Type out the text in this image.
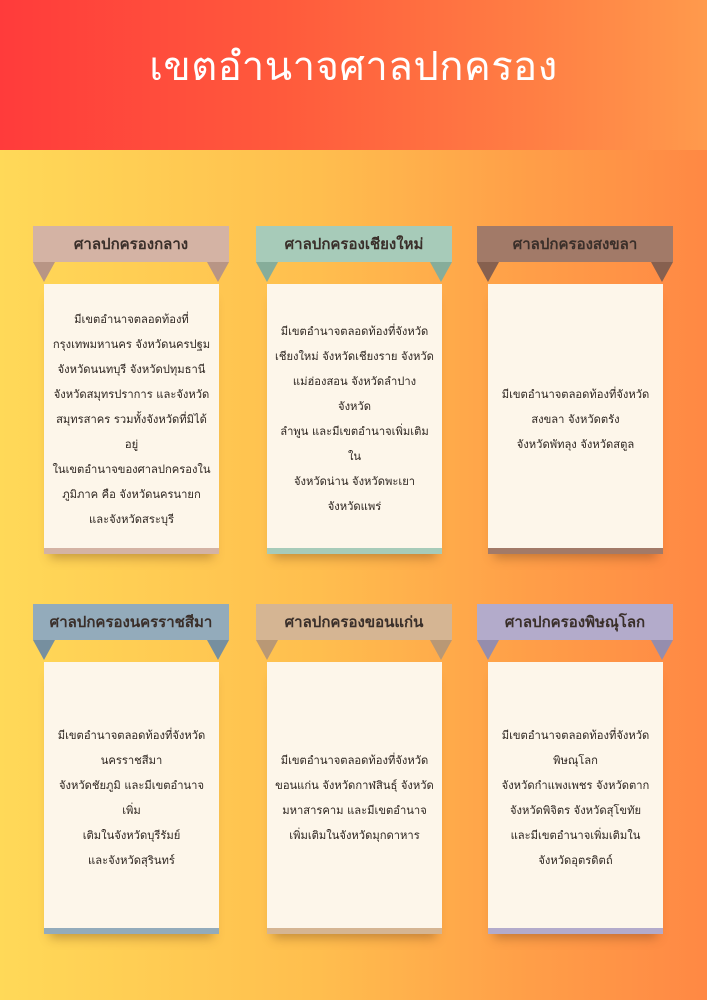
เขตอำนาจศาลปกครอง
ศาลปกครองกลาง

มีเขตอำนาจตลอดท้องที่
กรุงเทพมหานคร จังหวัดนครปฐม
จังหวัดนนทบุรี จังหวัดปทุมธานี
จังหวัดสมุทรปราการ และจังหวัด
สมุทรสาคร รวมทั้งจังหวัดที่มิได้อยู่
ในเขตอำนาจของศาลปกครองใน
ภูมิภาค คือ จังหวัดนครนายก
และจังหวัดสระบุรี

ศาลปกครองเชียงใหม่

มีเขตอำนาจตลอดท้องที่จังหวัด
เชียงใหม่ จังหวัดเชียงราย จังหวัด
แม่ฮ่องสอน จังหวัดลำปาง จังหวัด
ลำพูน และมีเขตอำนาจเพิ่มเติมใน
จังหวัดน่าน จังหวัดพะเยา
จังหวัดแพร่

ศาลปกครองสงขลา

มีเขตอำนาจตลอดท้องที่จังหวัด
สงขลา จังหวัดตรัง
จังหวัดพัทลุง จังหวัดสตูล

ศาลปกครองนครราชสีมา

มีเขตอำนาจตลอดท้องที่จังหวัด
นครราชสีมา
จังหวัดชัยภูมิ และมีเขตอำนาจเพิ่ม
เติมในจังหวัดบุรีรัมย์
และจังหวัดสุรินทร์

ศาลปกครองขอนแก่น

มีเขตอำนาจตลอดท้องที่จังหวัด
ขอนแก่น จังหวัดกาฬสินธุ์ จังหวัด
มหาสารคาม และมีเขตอำนาจ
เพิ่มเติมในจังหวัดมุกดาหาร

ศาลปกครองพิษณุโลก

มีเขตอำนาจตลอดท้องที่จังหวัด
พิษณุโลก
จังหวัดกำแพงเพชร จังหวัดตาก
จังหวัดพิจิตร จังหวัดสุโขทัย
และมีเขตอำนาจเพิ่มเติมใน
จังหวัดอุตรดิตถ์
